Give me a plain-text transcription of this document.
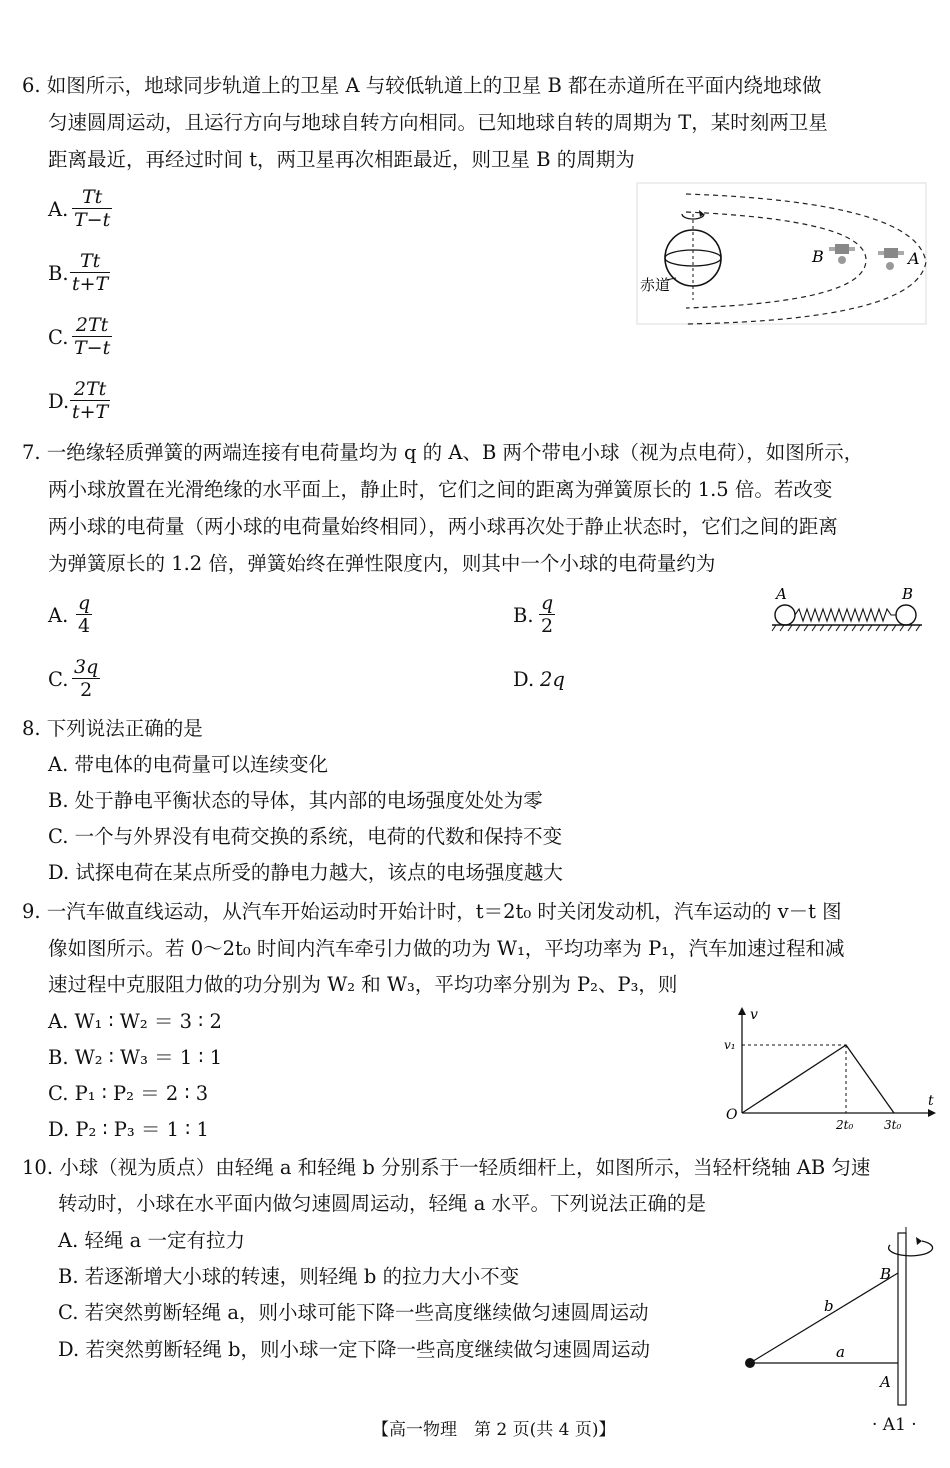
6. 如图所示，地球同步轨道上的卫星 A 与较低轨道上的卫星 B 都在赤道所在平面内绕地球做
匀速圆周运动，且运行方向与地球自转方向相同。已知地球自转的周期为 T，某时刻两卫星
距离最近，再经过时间 t，两卫星再次相距最近，则卫星 B 的周期为
A. $\frac{Tt}{T-t}$
B. $\frac{Tt}{t+T}$
C. $\frac{2Tt}{T-t}$
D. $\frac{2Tt}{t+T}$
赤道
B	A
7. 一绝缘轻质弹簧的两端连接有电荷量均为 q 的 A、B 两个带电小球（视为点电荷），如图所示，
两小球放置在光滑绝缘的水平面上，静止时，它们之间的距离为弹簧原长的 1.5 倍。若改变
两小球的电荷量（两小球的电荷量始终相同），两小球再次处于静止状态时，它们之间的距离
为弹簧原长的 1.2 倍，弹簧始终在弹性限度内，则其中一个小球的电荷量约为
A. $\frac{q}{4}$	B. $\frac{q}{2}$
C. $\frac{3q}{2}$	D. 2q
A	B
8. 下列说法正确的是
A. 带电体的电荷量可以连续变化
B. 处于静电平衡状态的导体，其内部的电场强度处处为零
C. 一个与外界没有电荷交换的系统，电荷的代数和保持不变
D. 试探电荷在某点所受的静电力越大，该点的电场强度越大
9. 一汽车做直线运动，从汽车开始运动时开始计时，t＝2t₀ 时关闭发动机，汽车运动的 v－t 图
像如图所示。若 0～2t₀ 时间内汽车牵引力做的功为 W₁，平均功率为 P₁，汽车加速过程和减
速过程中克服阻力做的功分别为 W₂ 和 W₃，平均功率分别为 P₂、P₃，则
A. W₁ ∶ W₂ ＝ 3 ∶ 2
B. W₂ ∶ W₃ ＝ 1 ∶ 1
C. P₁ ∶ P₂ ＝ 2 ∶ 3
D. P₂ ∶ P₃ ＝ 1 ∶ 1
v
t
O
v₁
2t₀	3t₀
10. 小球（视为质点）由轻绳 a 和轻绳 b 分别系于一轻质细杆上，如图所示，当轻杆绕轴 AB 匀速
转动时，小球在水平面内做匀速圆周运动，轻绳 a 水平。下列说法正确的是
A. 轻绳 a 一定有拉力
B. 若逐渐增大小球的转速，则轻绳 b 的拉力大小不变
C. 若突然剪断轻绳 a，则小球可能下降一些高度继续做匀速圆周运动
D. 若突然剪断轻绳 b，则小球一定下降一些高度继续做匀速圆周运动
B
A
b
a
【高一物理　第 2 页(共 4 页)】	· A1 ·
